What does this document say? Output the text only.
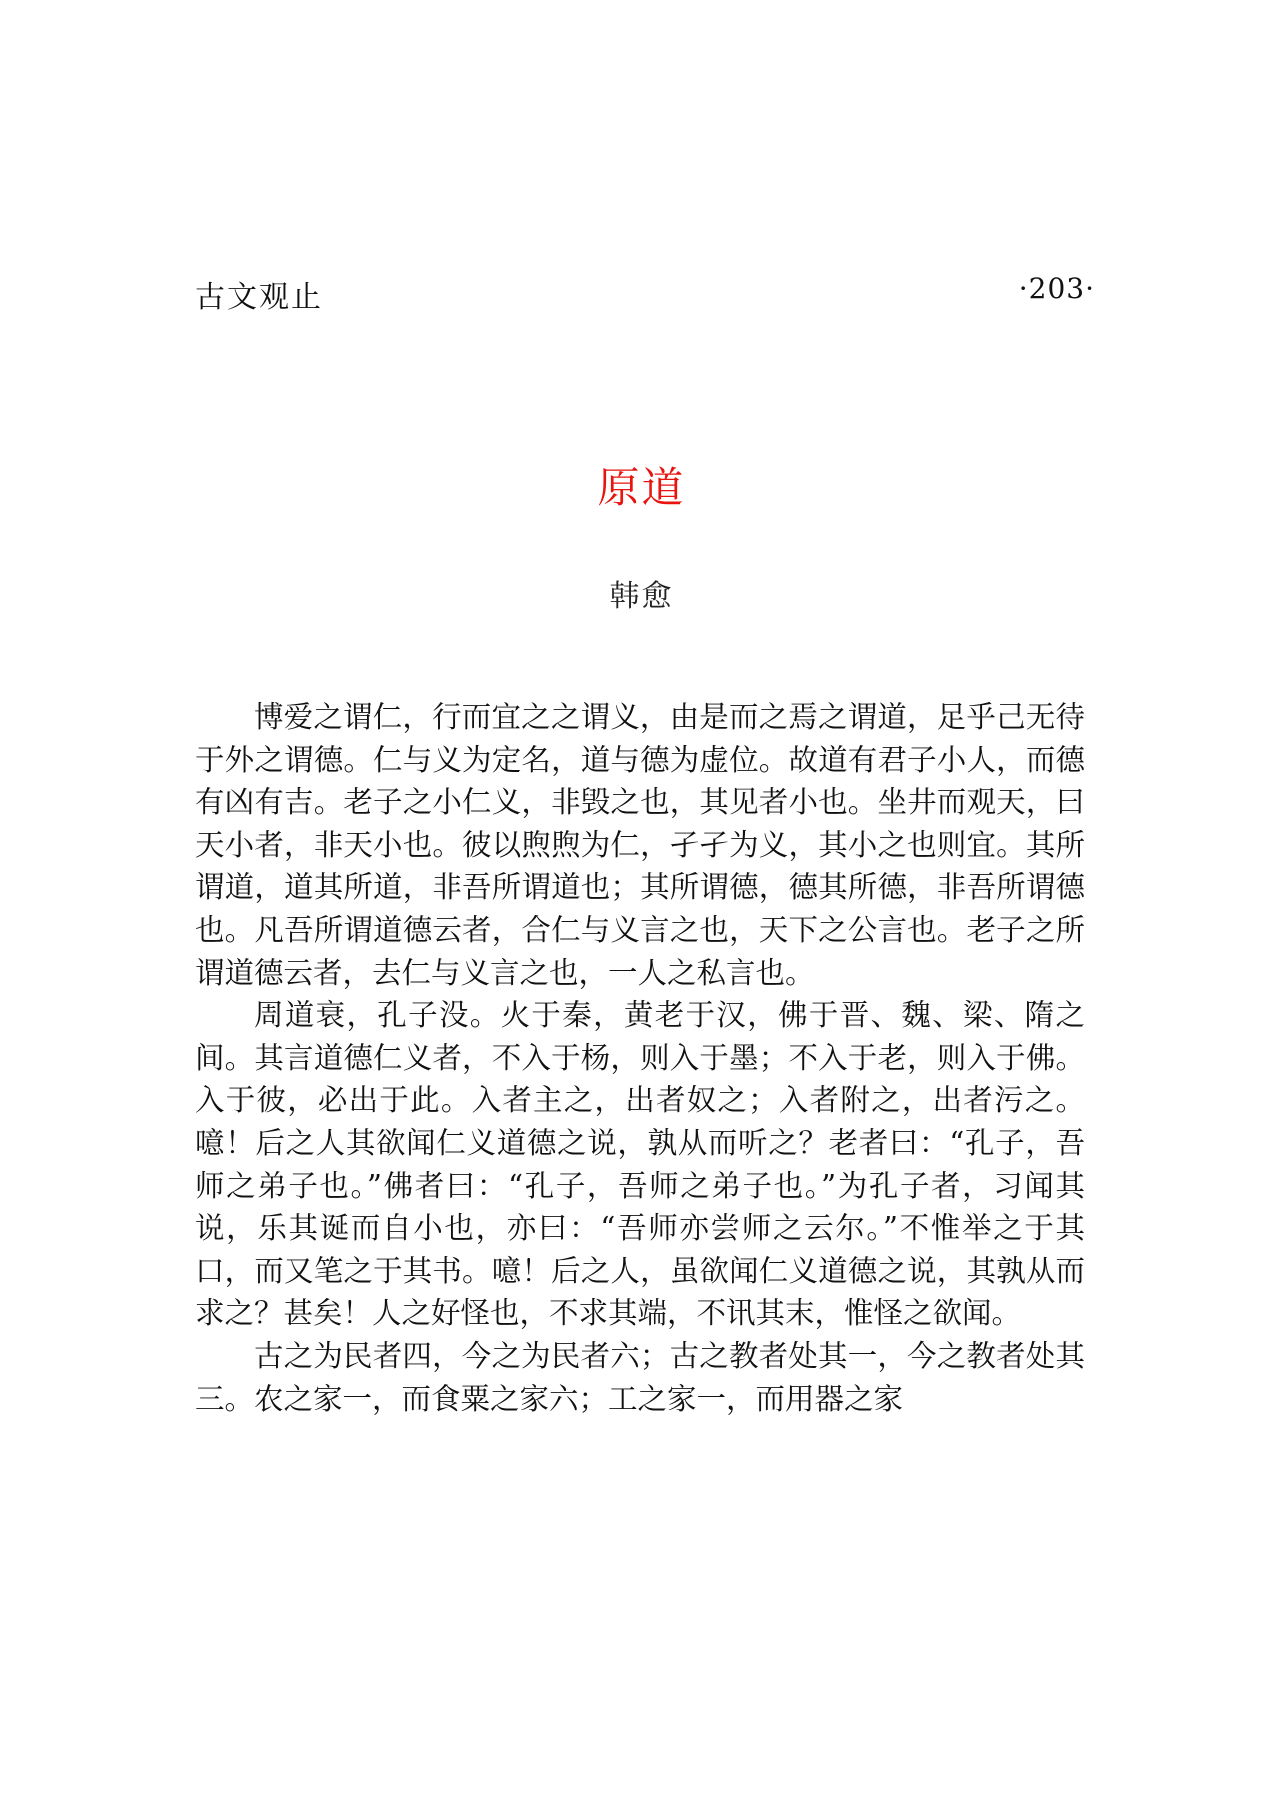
古文观止	·203·
原道
韩愈

博爱之谓仁，行而宜之之谓义，由是而之焉之谓道，足乎己无待于外之谓德。仁与义为定名，道与德为虚位。故道有君子小人，而德有凶有吉。老子之小仁义，非毁之也，其见者小也。坐井而观天，曰天小者，非天小也。彼以煦煦为仁，孑孑为义，其小之也则宜。其所谓道，道其所道，非吾所谓道也；其所谓德，德其所德，非吾所谓德也。凡吾所谓道德云者，合仁与义言之也，天下之公言也。老子之所谓道德云者，去仁与义言之也，一人之私言也。

周道衰，孔子没。火于秦，黄老于汉，佛于晋、魏、梁、隋之间。其言道德仁义者，不入于杨，则入于墨；不入于老，则入于佛。入于彼，必出于此。入者主之，出者奴之；入者附之，出者污之。噫！后之人其欲闻仁义道德之说，孰从而听之？老者曰：“孔子，吾师之弟子也。”佛者曰：“孔子，吾师之弟子也。”为孔子者，习闻其说，乐其诞而自小也，亦曰：“吾师亦尝师之云尔。”不惟举之于其口，而又笔之于其书。噫！后之人，虽欲闻仁义道德之说，其孰从而求之？甚矣！人之好怪也，不求其端，不讯其末，惟怪之欲闻。

古之为民者四，今之为民者六；古之教者处其一，今之教者处其三。农之家一，而食粟之家六；工之家一，而用器之家
